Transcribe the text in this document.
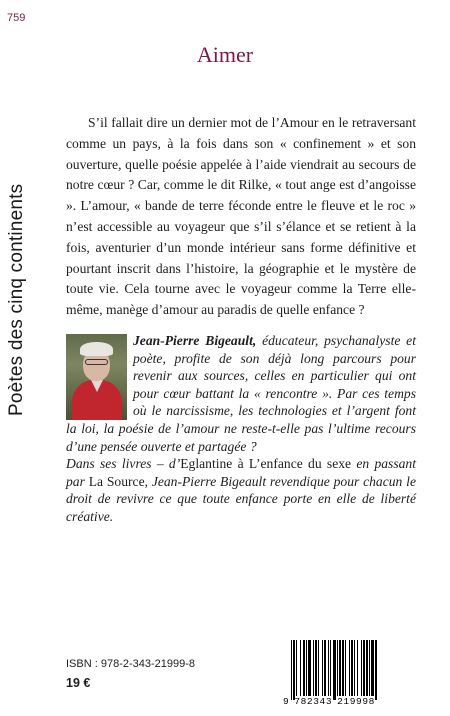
759
Poètes des cinq continents
Aimer

S’il fallait dire un dernier mot de l’Amour en le retraversant comme un pays, à la fois dans son « confinement » et son ouverture, quelle poésie appelée à l’aide viendrait au secours de notre cœur ? Car, comme le dit Rilke, « tout ange est d’angoisse ». L’amour, « bande de terre féconde entre le fleuve et le roc » n’est accessible au voyageur que s’il s’élance et se retient à la fois, aventurier d’un monde intérieur sans forme définitive et pourtant inscrit dans l’histoire, la géographie et le mystère de toute vie. Cela tourne avec le voyageur comme la Terre elle-même, manège d’amour au paradis de quelle enfance ?

Jean-Pierre Bigeault, éducateur, psychanalyste et poète, profite de son déjà long parcours pour revenir aux sources, celles en particulier qui ont pour cœur battant la « rencontre ». Par ces temps où le narcissisme, les technologies et l’argent font la loi, la poésie de l’amour ne reste-t-elle pas l’ultime recours d’une pensée ouverte et partagée ?
Dans ses livres – d’Eglantine à L’enfance du sexe en passant par La Source, Jean-Pierre Bigeault revendique pour chacun le droit de revivre ce que toute enfance porte en elle de liberté créative.

ISBN : 978-2-343-21999-8
19 €
9 782343 219998
